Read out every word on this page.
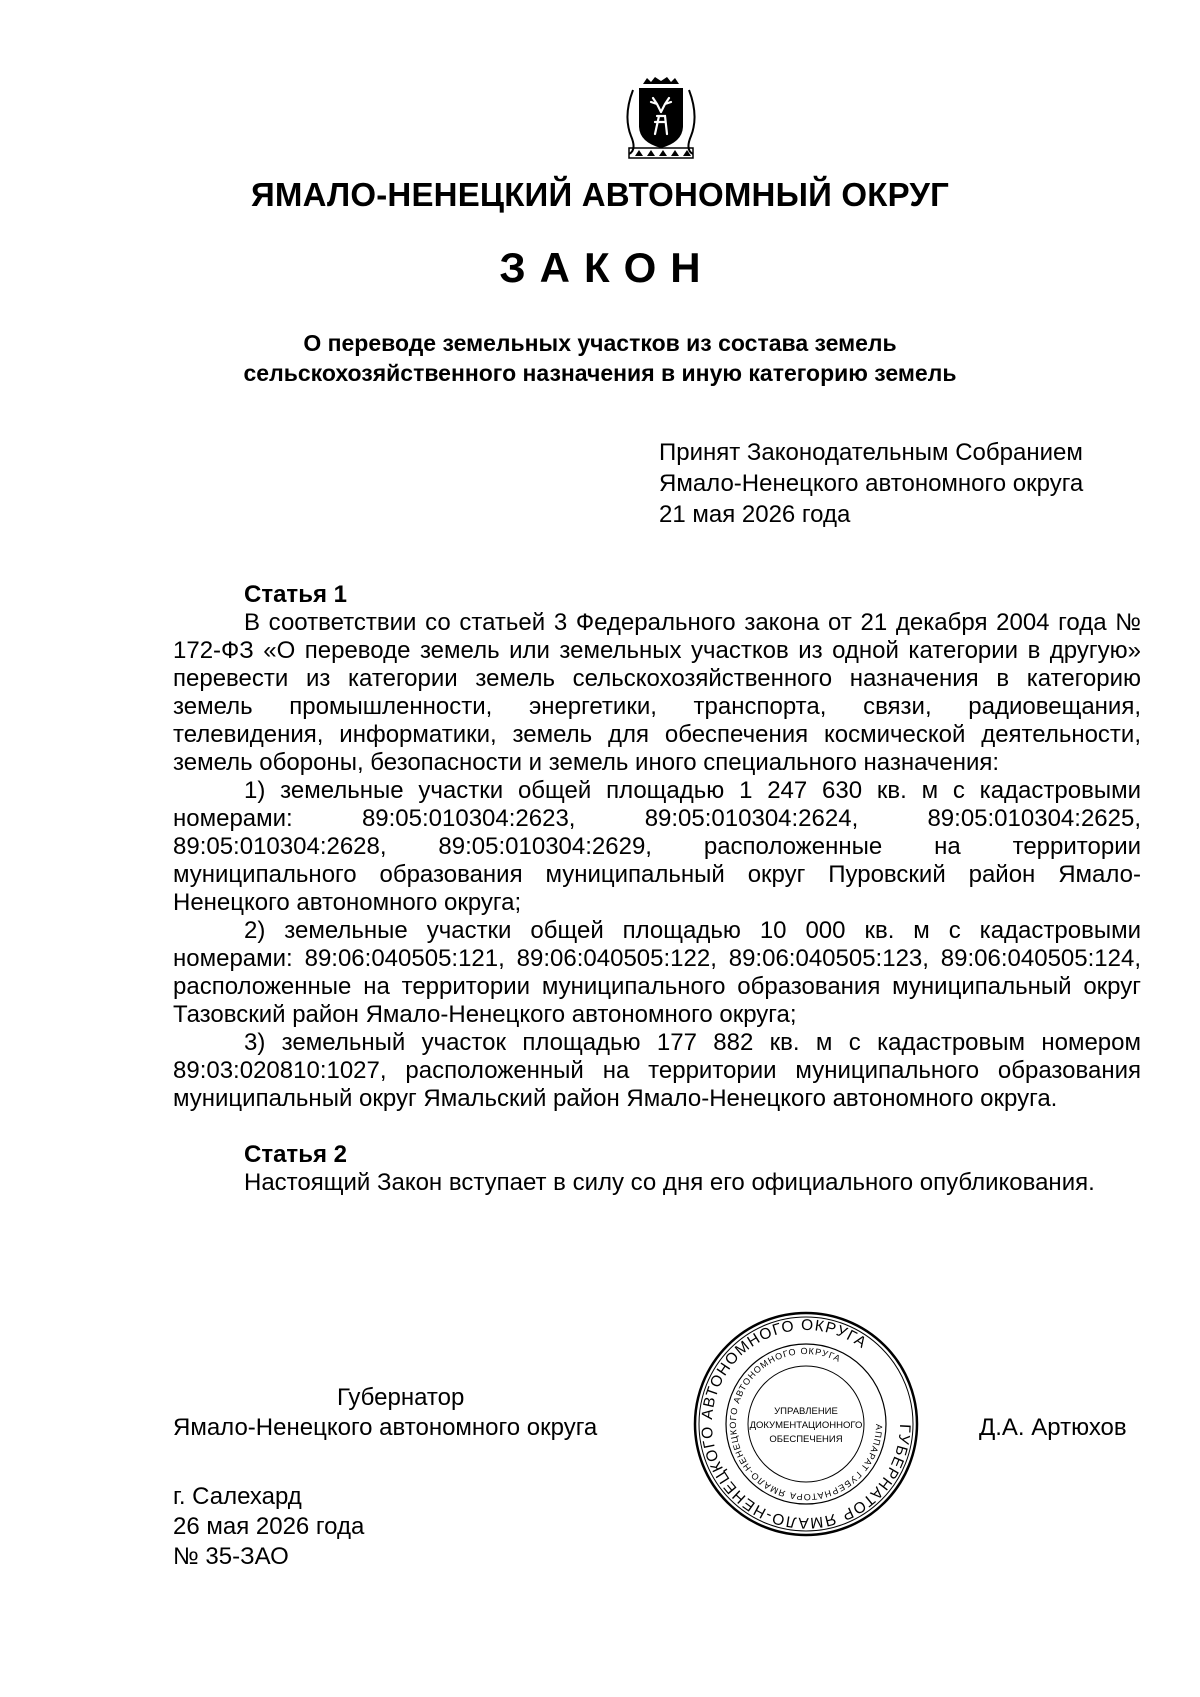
ЯМАЛО-НЕНЕЦКИЙ АВТОНОМНЫЙ ОКРУГ
ЗАКОН
О переводе земельных участков из состава земель
сельскохозяйственного назначения в иную категорию земель
Принят Законодательным Собранием
Ямало-Ненецкого автономного округа
21 мая 2026 года
Статья 1

В соответствии со статьей 3 Федерального закона от 21 декабря 2004 года № 172-ФЗ «О переводе земель или земельных участков из одной категории в другую» перевести из категории земель сельскохозяйственного назначения в категорию земель промышленности, энергетики, транспорта, связи, радиовещания, телевидения, информатики, земель для обеспечения космической деятельности, земель обороны, безопасности и земель иного специального назначения:

1) земельные участки общей площадью 1 247 630 кв. м с кадастровыми номерами: 89:05:010304:2623, 89:05:010304:2624, 89:05:010304:2625, 89:05:010304:2628, 89:05:010304:2629, расположенные на территории муниципального образования муниципальный округ Пуровский район Ямало-Ненецкого автономного округа;

2) земельные участки общей площадью 10 000 кв. м с кадастровыми номерами: 89:06:040505:121, 89:06:040505:122, 89:06:040505:123, 89:06:040505:124, расположенные на территории муниципального образования муниципальный округ Тазовский район Ямало-Ненецкого автономного округа;

3) земельный участок площадью 177 882 кв. м с кадастровым номером 89:03:020810:1027, расположенный на территории муниципального образования муниципальный округ Ямальский район Ямало-Ненецкого автономного округа.

Статья 2

Настоящий Закон вступает в силу со дня его официального опубликования.

Губернатор
Ямало-Ненецкого автономного округа	Д.А. Артюхов
ГУБЕРНАТОР ЯМАЛО-НЕНЕЦКОГО АВТОНОМНОГО ОКРУГА
АППАРАТ ГУБЕРНАТОРА ЯМАЛО-НЕНЕЦКОГО АВТОНОМНОГО ОКРУГА
УПРАВЛЕНИЕ
ДОКУМЕНТАЦИОННОГО
ОБЕСПЕЧЕНИЯ
г. Салехард
26 мая 2026 года
№ 35-ЗАО
